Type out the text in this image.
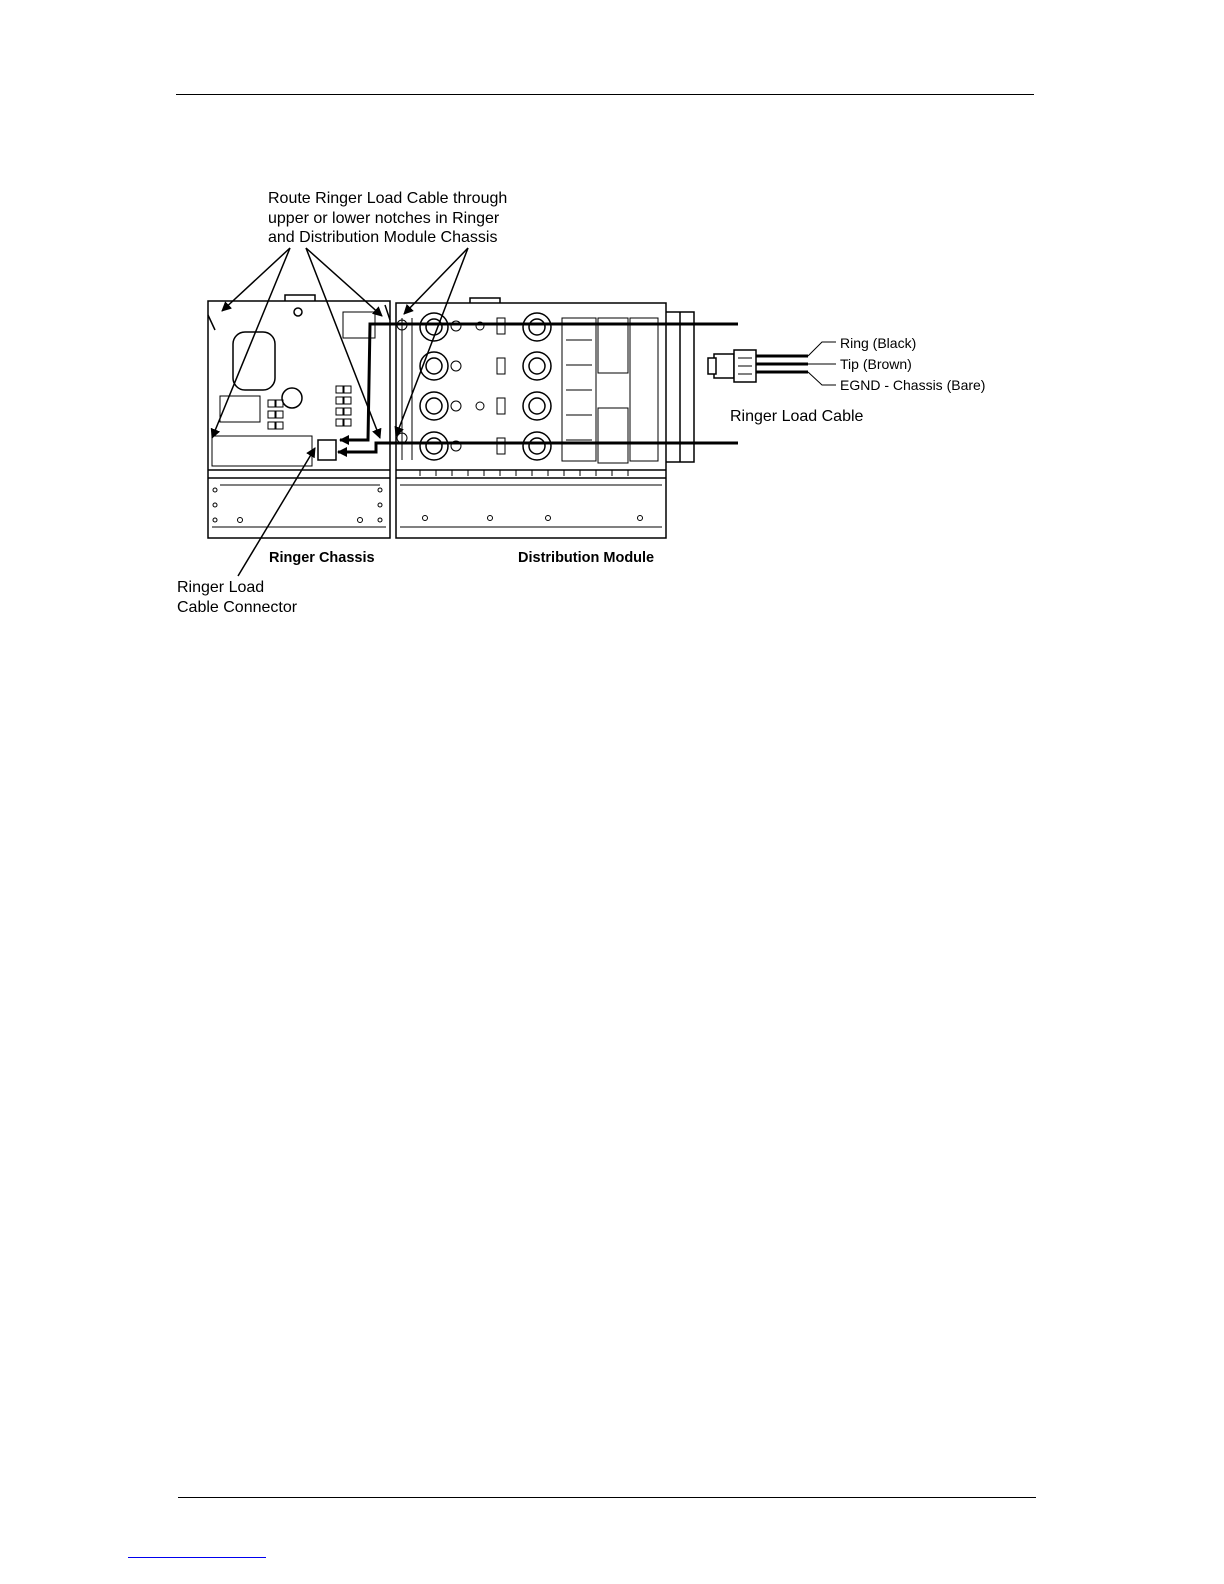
Route Ringer Load Cable through
upper or lower notches in Ringer
and Distribution Module Chassis
Ringer Load
Cable Connector
Ringer Chassis	Distribution Module
Ring (Black)
Tip (Brown)
EGND - Chassis (Bare)
Ringer Load Cable
